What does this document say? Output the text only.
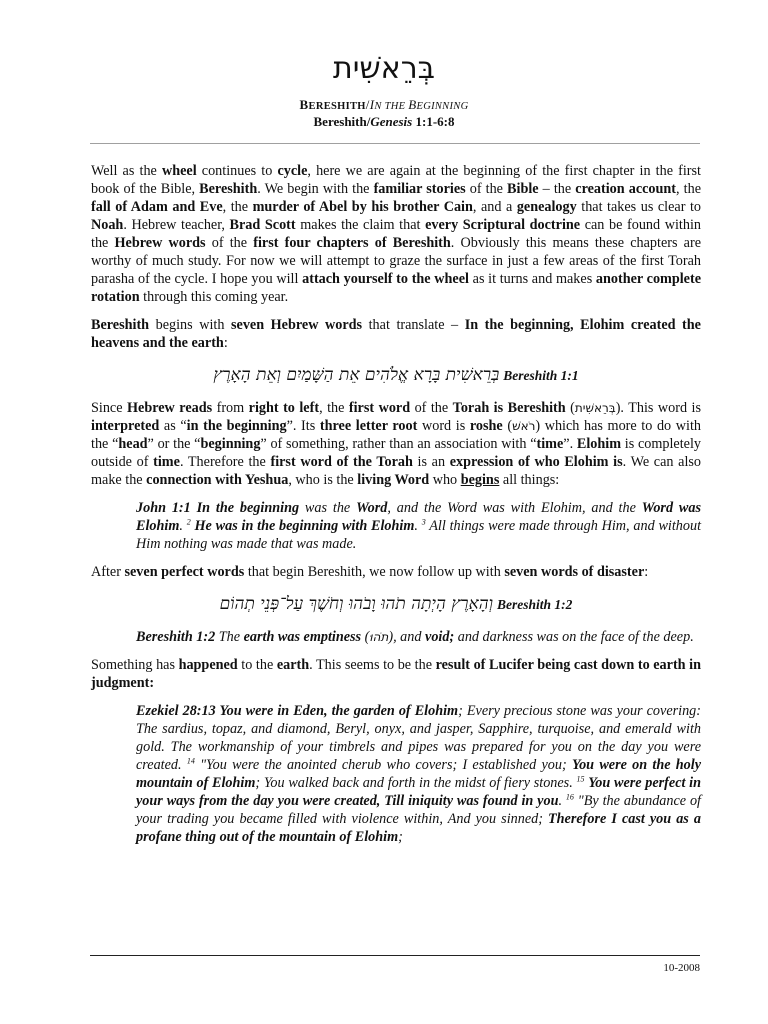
בְּרֵאשִׁית
BERESHITH/IN THE BEGINNING
Bereshith/Genesis 1:1-6:8

Well as the wheel continues to cycle, here we are again at the beginning of the first chapter in the first book of the Bible, Bereshith. We begin with the familiar stories of the Bible – the creation account, the fall of Adam and Eve, the murder of Abel by his brother Cain, and a genealogy that takes us clear to Noah. Hebrew teacher, Brad Scott makes the claim that every Scriptural doctrine can be found within the Hebrew words of the first four chapters of Bereshith. Obviously this means these chapters are worthy of much study. For now we will attempt to graze the surface in just a few areas of the first Torah parasha of the cycle. I hope you will attach yourself to the wheel as it turns and makes another complete rotation through this coming year.

Bereshith begins with seven Hebrew words that translate – In the beginning, Elohim created the heavens and the earth:

בְּרֵאשִׁית בָּרָא אֱלֹהִים אֵת הַשָּׁמַיִם וְאֵת הָאָרֶץ Bereshith 1:1

Since Hebrew reads from right to left, the first word of the Torah is Bereshith (בְּרֵאשִׁית). This word is interpreted as “in the beginning”. Its three letter root word is roshe (רֹאשׁ) which has more to do with the “head” or the “beginning” of something, rather than an association with “time”. Elohim is completely outside of time. Therefore the first word of the Torah is an expression of who Elohim is. We can also make the connection with Yeshua, who is the living Word who begins all things:

John 1:1 In the beginning was the Word, and the Word was with Elohim, and the Word was Elohim. $^2$ He was in the beginning with Elohim. $^3$ All things were made through Him, and without Him nothing was made that was made.

After seven perfect words that begin Bereshith, we now follow up with seven words of disaster:

וְהָאָרֶץ הָיְתָה תֹהוּ וָבֹהוּ וְחֹשֶׁךְ עַל־פְּנֵי תְהוֹם Bereshith 1:2

Bereshith 1:2 The earth was emptiness (תֹהוּ), and void; and darkness was on the face of the deep.

Something has happened to the earth. This seems to be the result of Lucifer being cast down to earth in judgment:

Ezekiel 28:13 You were in Eden, the garden of Elohim; Every precious stone was your covering: The sardius, topaz, and diamond, Beryl, onyx, and jasper, Sapphire, turquoise, and emerald with gold. The workmanship of your timbrels and pipes was prepared for you on the day you were created. $^{14}$ "You were the anointed cherub who covers; I established you; You were on the holy mountain of Elohim; You walked back and forth in the midst of fiery stones. $^{15}$ You were perfect in your ways from the day you were created, Till iniquity was found in you. $^{16}$ "By the abundance of your trading you became filled with violence within, And you sinned; Therefore I cast you as a profane thing out of the mountain of Elohim;

10-2008
